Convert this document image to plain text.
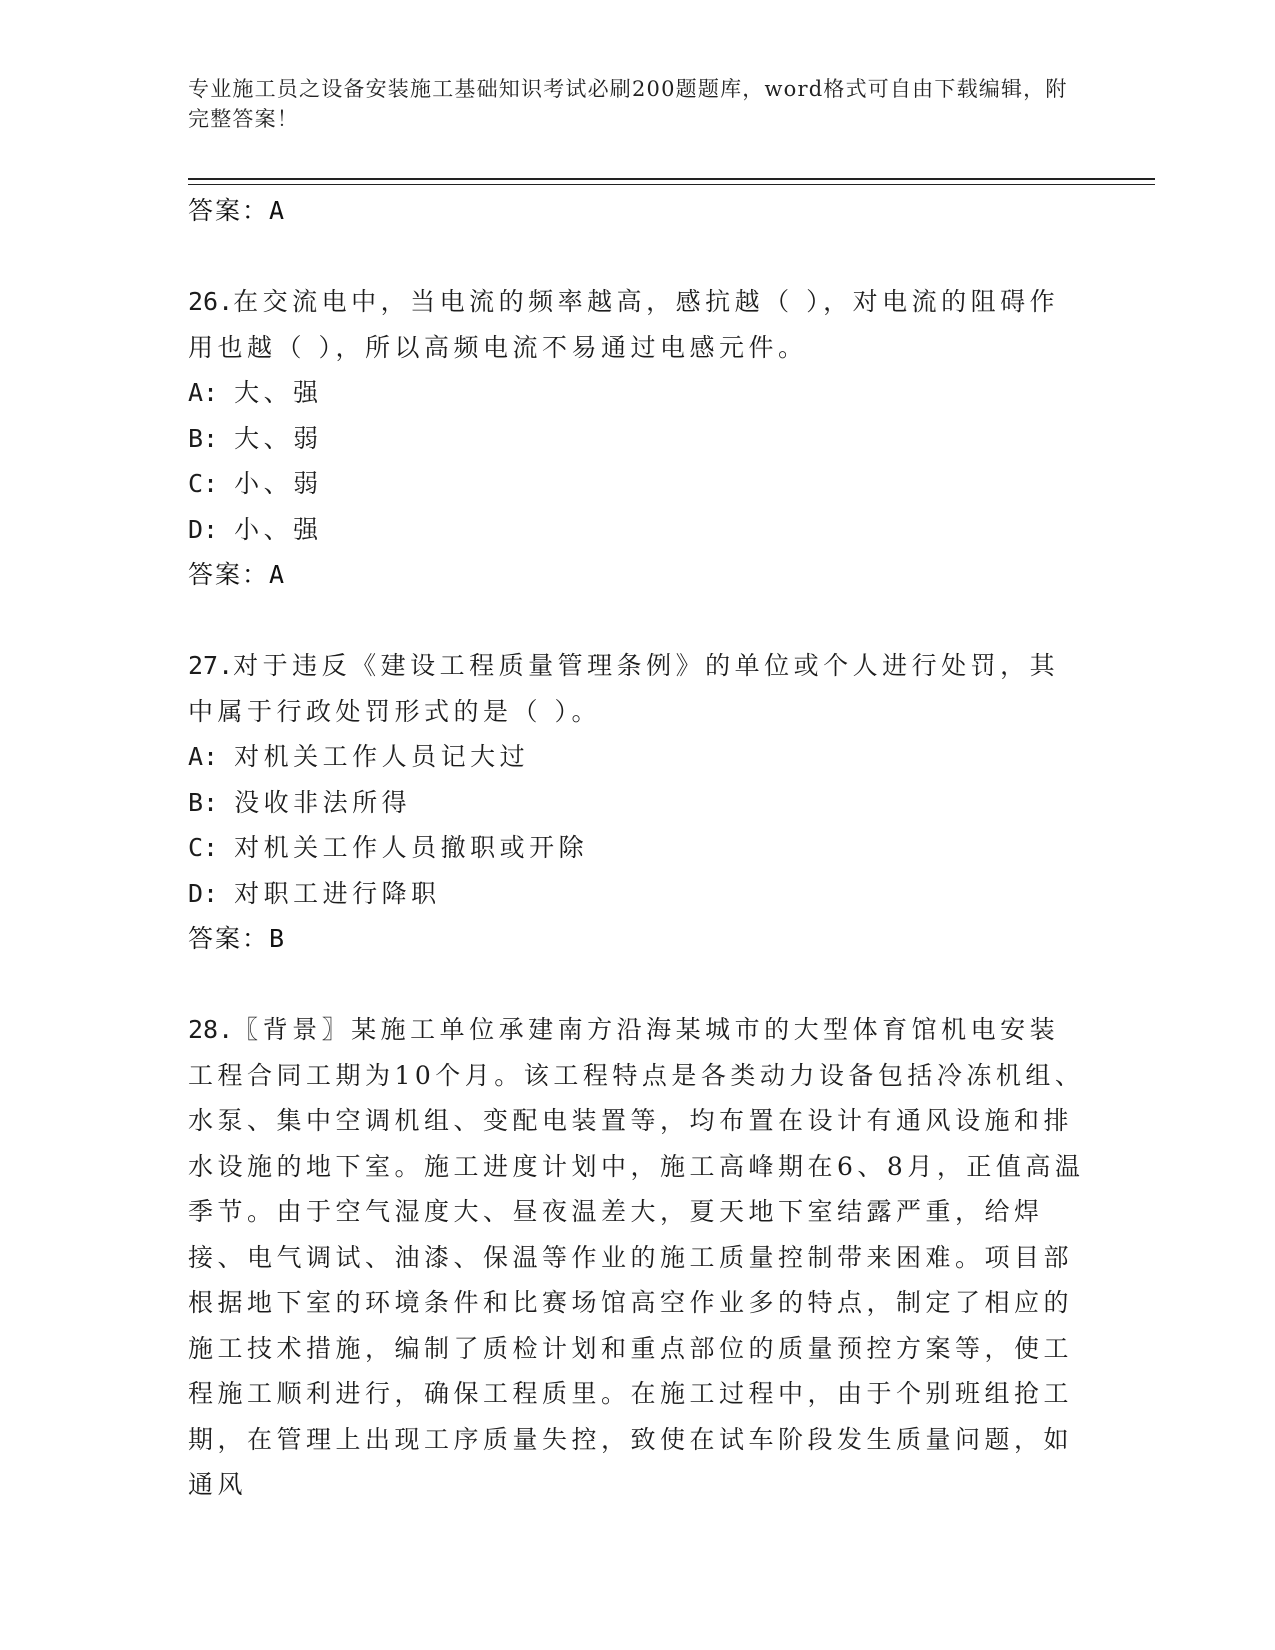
专业施工员之设备安装施工基础知识考试必刷200题题库，word格式可自由下载编辑，附完整答案！

答案：A

26.在交流电中，当电流的频率越高，感抗越（ ），对电流的阻碍作用也越（ ），所以高频电流不易通过电感元件。

A: 大、强
B: 大、弱
C: 小、弱
D: 小、强

答案：A

27.对于违反《建设工程质量管理条例》的单位或个人进行处罚，其中属于行政处罚形式的是（ ）。

A: 对机关工作人员记大过
B: 没收非法所得
C: 对机关工作人员撤职或开除
D: 对职工进行降职

答案：B

28.〖背景〗某施工单位承建南方沿海某城市的大型体育馆机电安装工程合同工期为10个月。该工程特点是各类动力设备包括冷冻机组、水泵、集中空调机组、变配电装置等，均布置在设计有通风设施和排水设施的地下室。施工进度计划中，施工高峰期在6、8月，正值高温季节。由于空气湿度大、昼夜温差大，夏天地下室结露严重，给焊接、电气调试、油漆、保温等作业的施工质量控制带来困难。项目部根据地下室的环境条件和比赛场馆高空作业多的特点，制定了相应的施工技术措施，编制了质检计划和重点部位的质量预控方案等，使工程施工顺利进行，确保工程质里。在施工过程中，由于个别班组抢工期，在管理上出现工序质量失控，致使在试车阶段发生质量问题，如通风
